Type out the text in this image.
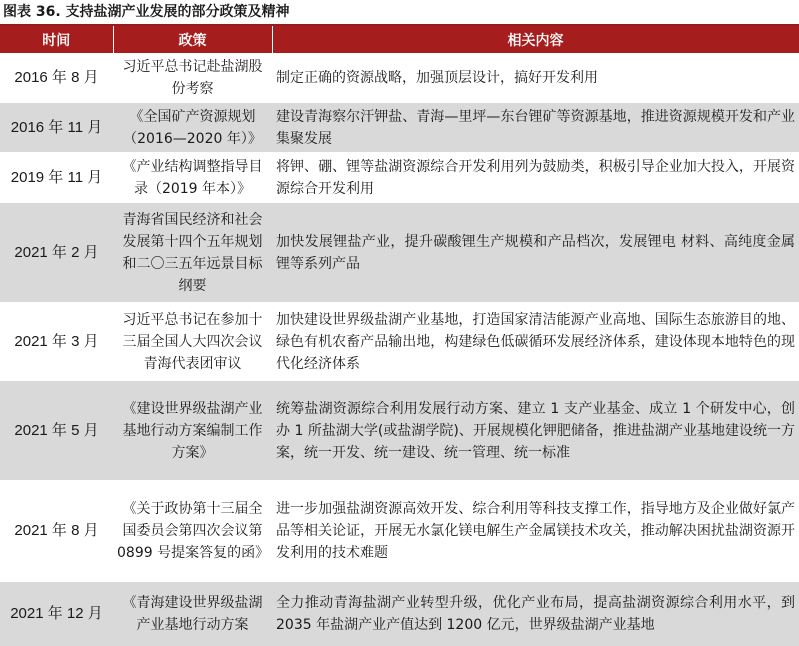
图表 36. 支持盐湖产业发展的部分政策及精神
时间	政策	相关内容
2016 年 8 月	习近平总书记赴盐湖股份考察	制定正确的资源战略，加强顶层设计，搞好开发利用
2016 年 11 月	《全国矿产资源规划（2016—2020 年）》	建设青海察尔汗钾盐、青海—里坪—东台锂矿等资源基地，推进资源规模开发和产业集聚发展
2019 年 11 月	《产业结构调整指导目录（2019 年本）》	将钾、硼、锂等盐湖资源综合开发利用列为鼓励类，积极引导企业加大投入，开展资源综合开发利用
2021 年 2 月	青海省国民经济和社会发展第十四个五年规划和二〇三五年远景目标纲要	加快发展锂盐产业，提升碳酸锂生产规模和产品档次，发展锂电 材料、高纯度金属锂等系列产品
2021 年 3 月	习近平总书记在参加十三届全国人大四次会议青海代表团审议	加快建设世界级盐湖产业基地，打造国家清洁能源产业高地、国际生态旅游目的地、绿色有机农畜产品输出地，构建绿色低碳循环发展经济体系，建设体现本地特色的现代化经济体系
2021 年 5 月	《建设世界级盐湖产业基地行动方案编制工作方案》	统筹盐湖资源综合利用发展行动方案、建立 1 支产业基金、成立 1 个研发中心，创办 1 所盐湖大学(或盐湖学院)、开展规模化钾肥储备，推进盐湖产业基地建设统一方案，统一开发、统一建设、统一管理、统一标准
2021 年 8 月	《关于政协第十三届全国委员会第四次会议第 0899 号提案答复的函》	进一步加强盐湖资源高效开发、综合利用等科技支撑工作，指导地方及企业做好氯产品等相关论证，开展无水氯化镁电解生产金属镁技术攻关，推动解决困扰盐湖资源开发利用的技术难题
2021 年 12 月	《青海建设世界级盐湖产业基地行动方案	全力推动青海盐湖产业转型升级，优化产业布局，提高盐湖资源综合利用水平，到 2035 年盐湖产业产值达到 1200 亿元，世界级盐湖产业基地
